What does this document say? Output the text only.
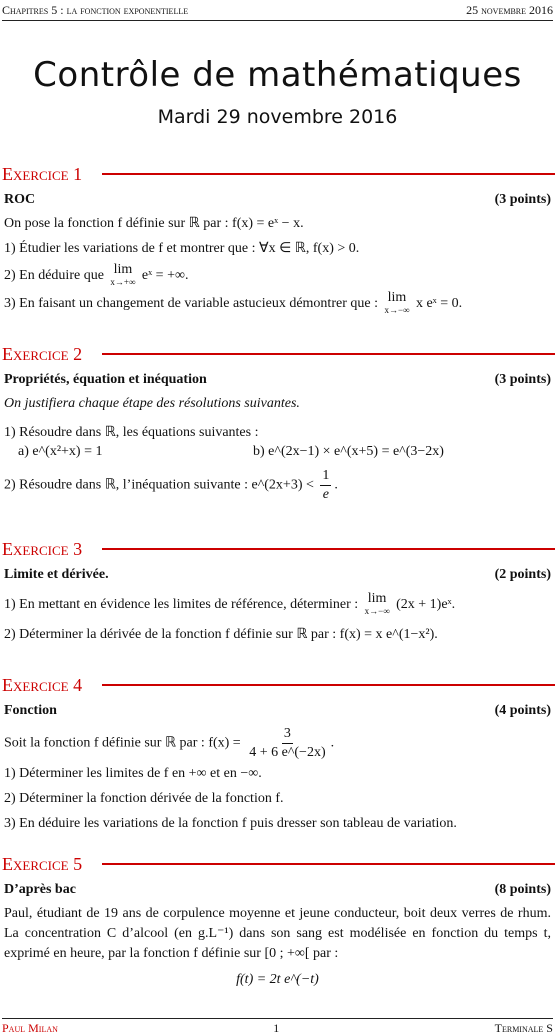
Chapitres 5 : la fonction exponentielle	25 novembre 2016
Contrôle de mathématiques
Mardi 29 novembre 2016
Exercice 1
ROC	(3 points)
On pose la fonction f définie sur ℝ par : f(x) = eˣ − x.
1) Étudier les variations de f et montrer que : ∀x ∈ ℝ, f(x) > 0.
2) En déduire que lim
x→+∞ eˣ = +∞.
3) En faisant un changement de variable astucieux démontrer que : lim
x→−∞ x eˣ = 0.
Exercice 2
Propriétés, équation et inéquation	(3 points)
On justifiera chaque étape des résolutions suivantes.
1) Résoudre dans ℝ, les équations suivantes :
a) e^(x²+x) = 1	b) e^(2x−1) × e^(x+5) = e^(3−2x)
2) Résoudre dans ℝ, l’inéquation suivante : e^(2x+3) < $\frac{1}{e}$ .
Exercice 3
Limite et dérivée.	(2 points)
1) En mettant en évidence les limites de référence, déterminer : lim
x→−∞ (2x + 1)eˣ.
2) Déterminer la dérivée de la fonction f définie sur ℝ par : f(x) = x e^(1−x²).
Exercice 4
Fonction	(4 points)
Soit la fonction f définie sur ℝ par : $f(x) = \frac{3}{4 + 6 e\^{}(-2x)}$ .
1) Déterminer les limites de f en +∞ et en −∞.
2) Déterminer la fonction dérivée de la fonction f.
3) En déduire les variations de la fonction f puis dresser son tableau de variation.
Exercice 5
D’après bac	(8 points)
Paul, étudiant de 19 ans de corpulence moyenne et jeune conducteur, boit deux verres de rhum. La concentration C d’alcool (en g.L⁻¹) dans son sang est modélisée en fonction du temps t, exprimé en heure, par la fonction f définie sur [0 ; +∞[ par :
f(t) = 2t e^(−t)
Paul Milan	1	Terminale S
